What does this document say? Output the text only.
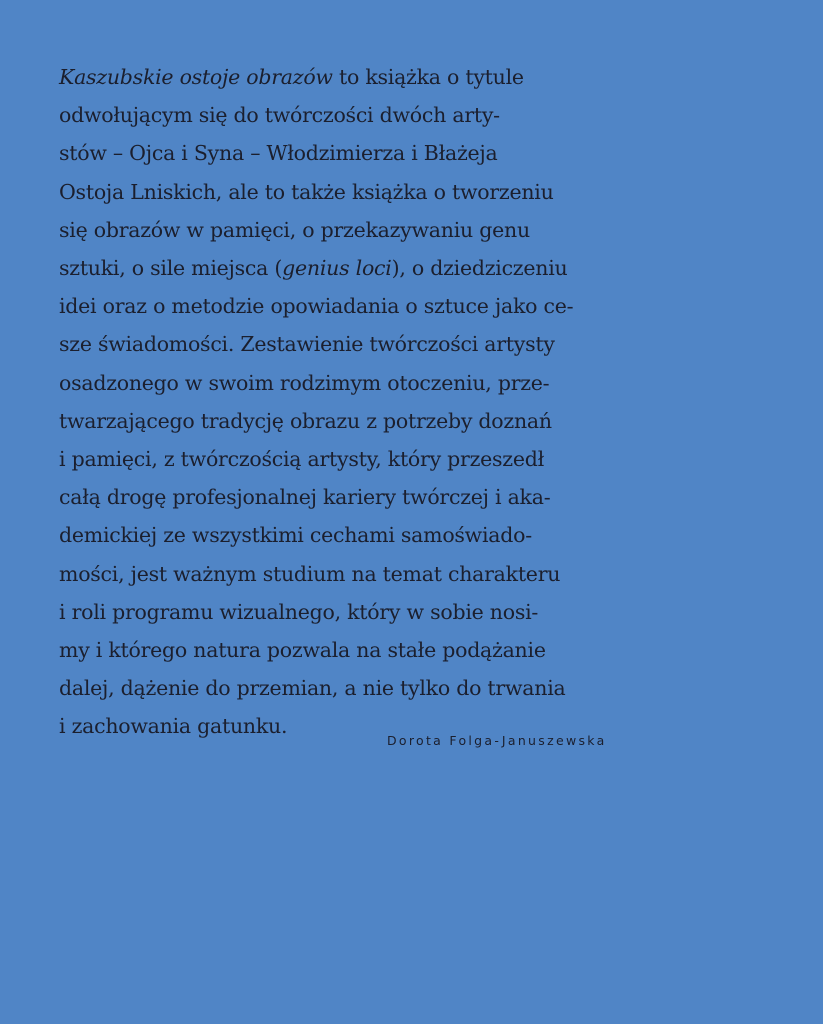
Kaszubskie ostoje obrazów to książka o tytule
odwołującym się do twórczości dwóch arty-
stów – Ojca i Syna – Włodzimierza i Błażeja
Ostoja Lniskich, ale to także książka o tworzeniu
się obrazów w pamięci, o przekazywaniu genu
sztuki, o sile miejsca (genius loci), o dziedziczeniu
idei oraz o metodzie opowiadania o sztuce jako ce-
sze świadomości. Zestawienie twórczości artysty
osadzonego w swoim rodzimym otoczeniu, prze-
twarzającego tradycję obrazu z potrzeby doznań
i pamięci, z twórczością artysty, który przeszedł
całą drogę profesjonalnej kariery twórczej i aka-
demickiej ze wszystkimi cechami samoświado-
mości, jest ważnym studium na temat charakteru
i roli programu wizualnego, który w sobie nosi-
my i którego natura pozwala na stałe podążanie
dalej, dążenie do przemian, a nie tylko do trwania
i zachowania gatunku.

Dorota Folga-Januszewska
